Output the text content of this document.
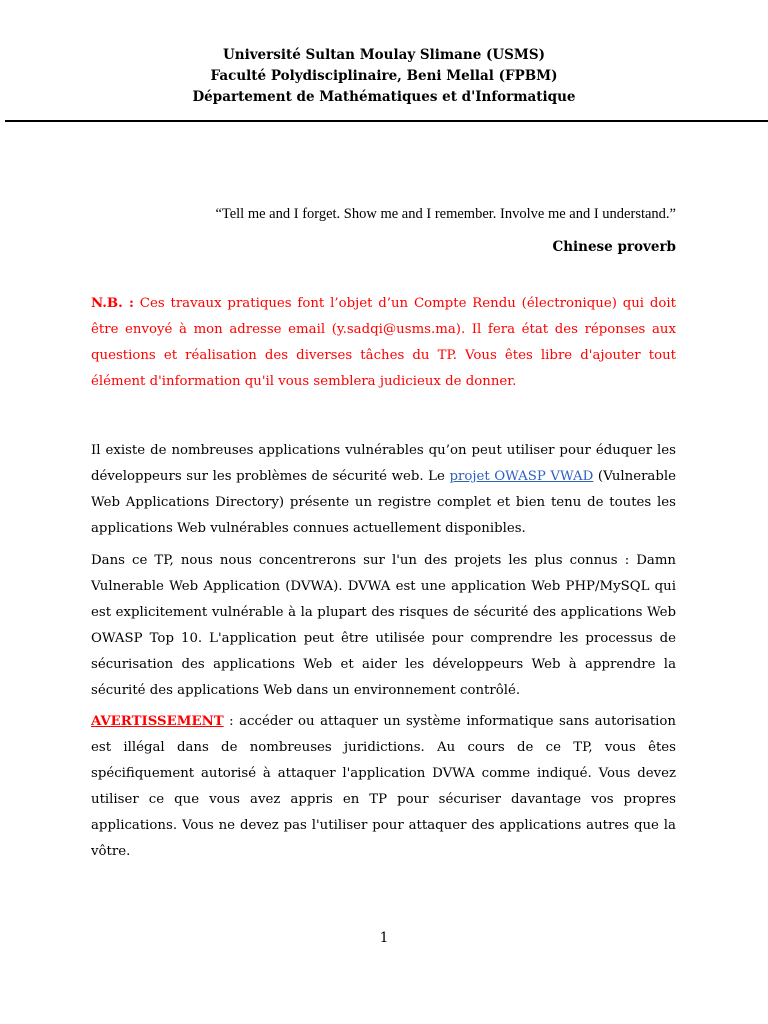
Université Sultan Moulay Slimane (USMS)
Faculté Polydisciplinaire, Beni Mellal (FPBM)
Département de Mathématiques et d'Informatique
“Tell me and I forget. Show me and I remember. Involve me and I understand.”
Chinese proverb
N.B. : Ces travaux pratiques font l’objet d’un Compte Rendu (électronique) qui doit être envoyé à mon adresse email (y.sadqi@usms.ma). Il fera état des réponses aux questions et réalisation des diverses tâches du TP. Vous êtes libre d'ajouter tout élément d'information qu'il vous semblera judicieux de donner.
Il existe de nombreuses applications vulnérables qu’on peut utiliser pour éduquer les développeurs sur les problèmes de sécurité web. Le projet OWASP VWAD (Vulnerable Web Applications Directory) présente un registre complet et bien tenu de toutes les applications Web vulnérables connues actuellement disponibles.
Dans ce TP, nous nous concentrerons sur l'un des projets les plus connus : Damn Vulnerable Web Application (DVWA). DVWA est une application Web PHP/MySQL qui est explicitement vulnérable à la plupart des risques de sécurité des applications Web OWASP Top 10. L'application peut être utilisée pour comprendre les processus de sécurisation des applications Web et aider les développeurs Web à apprendre la sécurité des applications Web dans un environnement contrôlé.
AVERTISSEMENT : accéder ou attaquer un système informatique sans autorisation est illégal dans de nombreuses juridictions. Au cours de ce TP, vous êtes spécifiquement autorisé à attaquer l'application DVWA comme indiqué. Vous devez utiliser ce que vous avez appris en TP pour sécuriser davantage vos propres applications. Vous ne devez pas l'utiliser pour attaquer des applications autres que la vôtre.
1
